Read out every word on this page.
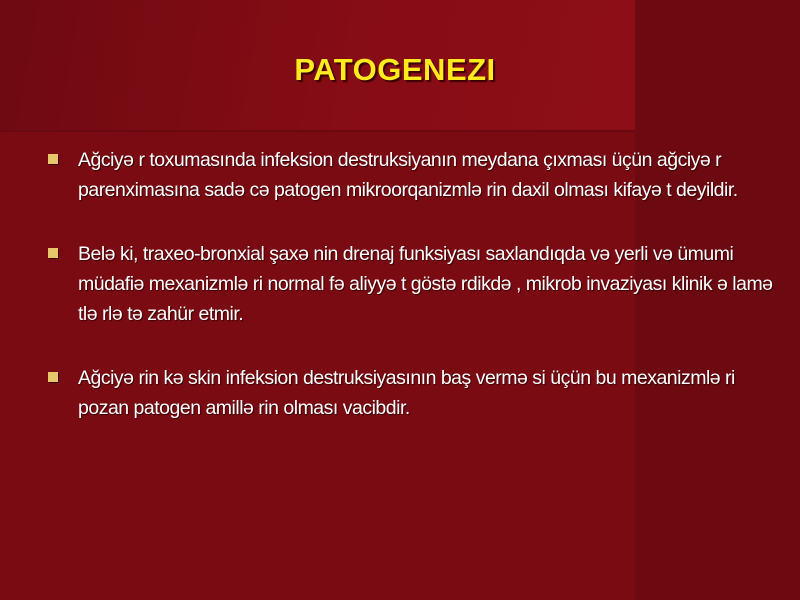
PATOGENEZI
Ağciyə r toxumasında infeksion destruksiyanın meydana çıxması üçün ağciyə r parenximasına sadə cə patogen mikroorqanizmlə rin daxil olması kifayə t deyildir.
Belə ki, traxeo-bronxial şaxə nin drenaj funksiyası saxlandıqda və yerli və ümumi müdafiə mexanizmlə ri normal fə aliyyə t göstə rdikdə , mikrob invaziyası klinik ə lamə tlə rlə tə zahür etmir.
Ağciyə rin kə skin infeksion destruksiyasının baş vermə si üçün bu mexanizmlə ri pozan patogen amillə rin olması vacibdir.
